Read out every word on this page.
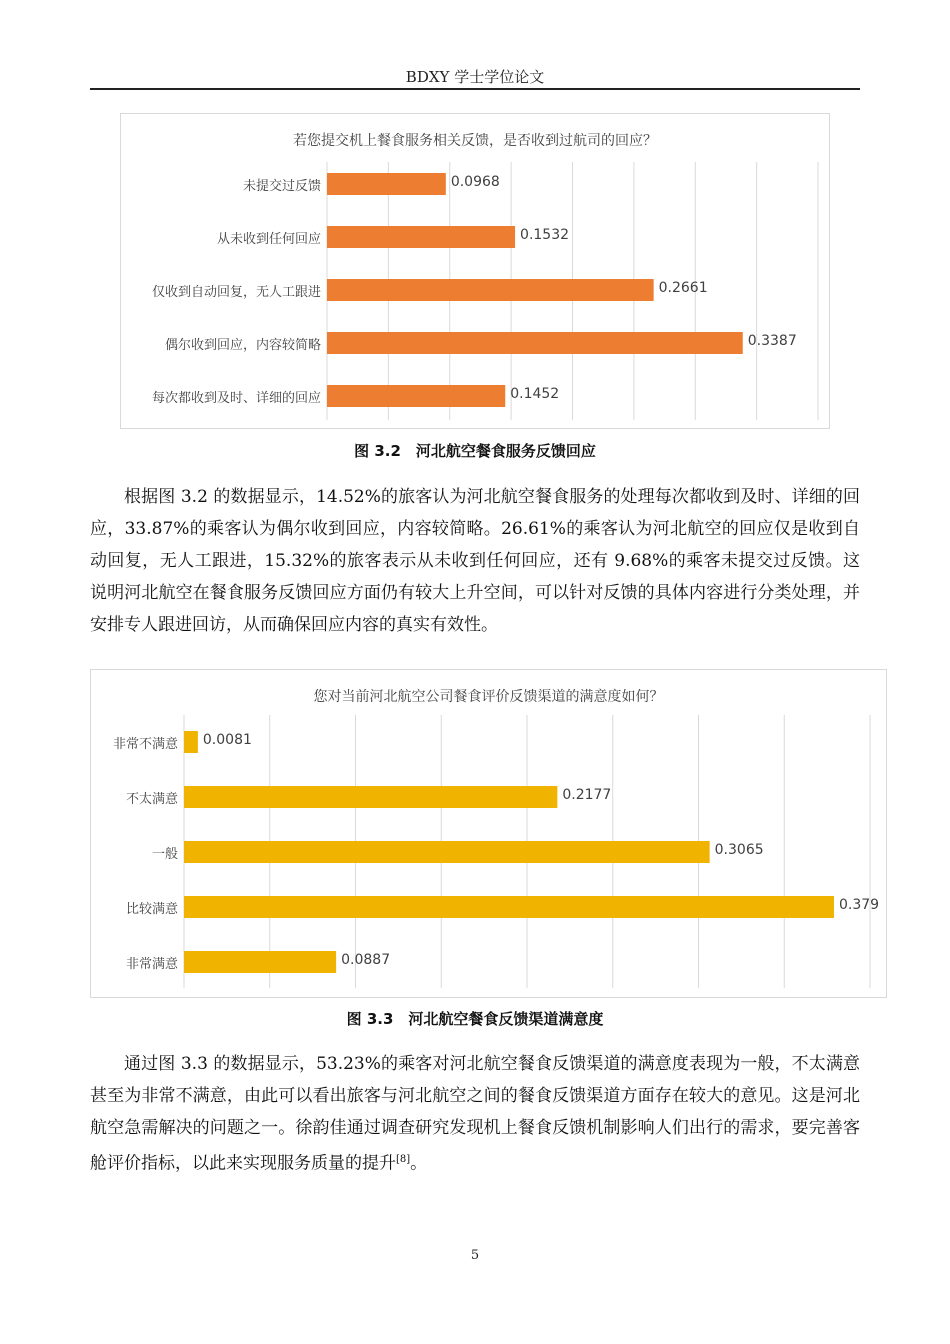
BDXY 学士学位论文
若您提交机上餐食服务相关反馈，是否收到过航司的回应？
未提交过反馈	0.0968
从未收到任何回应	0.1532
仅收到自动回复，无人工跟进	0.2661
偶尔收到回应，内容较简略	0.3387
每次都收到及时、详细的回应	0.1452
图 3.2　河北航空餐食服务反馈回应

根据图 3.2 的数据显示，14.52%的旅客认为河北航空餐食服务的处理每次都收到及时、详细的回应，33.87%的乘客认为偶尔收到回应，内容较简略。26.61%的乘客认为河北航空的回应仅是收到自动回复，无人工跟进，15.32%的旅客表示从未收到任何回应，还有 9.68%的乘客未提交过反馈。这说明河北航空在餐食服务反馈回应方面仍有较大上升空间，可以针对反馈的具体内容进行分类处理，并安排专人跟进回访，从而确保回应内容的真实有效性。

您对当前河北航空公司餐食评价反馈渠道的满意度如何？
非常不满意 0.0081
不太满意	0.2177
一般	0.3065
比较满意	0.379
非常满意	0.0887
图 3.3　河北航空餐食反馈渠道满意度

通过图 3.3 的数据显示，53.23%的乘客对河北航空餐食反馈渠道的满意度表现为一般，不太满意甚至为非常不满意，由此可以看出旅客与河北航空之间的餐食反馈渠道方面存在较大的意见。这是河北航空急需解决的问题之一。徐韵佳通过调查研究发现机上餐食反馈机制影响人们出行的需求，要完善客舱评价指标，以此来实现服务质量的提升[8]。

5
